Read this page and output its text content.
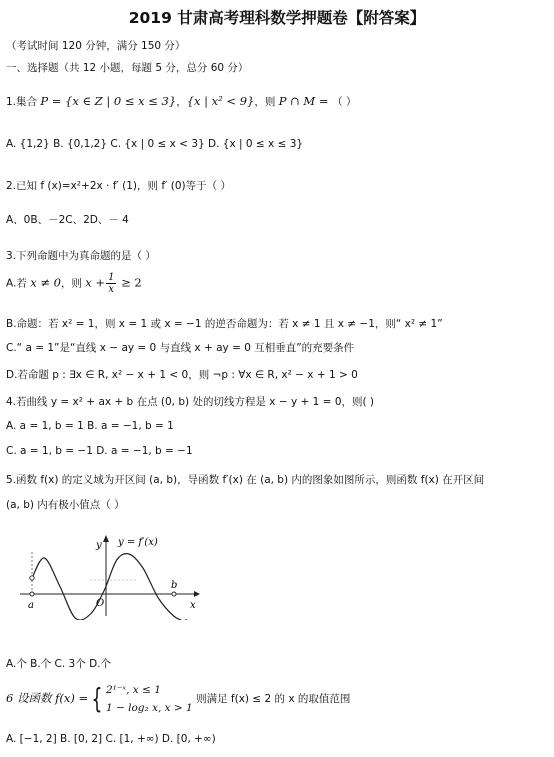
2019 甘肃高考理科数学押题卷【附答案】
（考试时间 120 分钟，满分 150 分）
一、选择题（共 12 小题，每题 5 分，总分 60 分）
1.集合 P = {x ∈ Z | 0 ≤ x ≤ 3}，{x | x² < 9}，则 P ∩ M = （ ）
A. {1,2} B. {0,1,2} C. {x | 0 ≤ x < 3} D. {x | 0 ≤ x ≤ 3}
2.已知 f (x)=x²+2x · f′ (1)，则 f′ (0)等于（ ）
A、0B、－2C、2D、－ 4
3.下列命题中为真命题的是（ ）
A.若 x ≠ 0，则 $x + \frac{1}{x} \ge 2$
B.命题：若 x² = 1，则 x = 1 或 x = −1 的逆否命题为：若 x ≠ 1 且 x ≠ −1，则“ x² ≠ 1”
C.“ a = 1”是“直线 x − ay = 0 与直线 x + ay = 0 互相垂直”的充要条件
D.若命题 p : ∃x ∈ R, x² − x + 1 < 0，则 ¬p : ∀x ∈ R, x² − x + 1 > 0
4.若曲线 y = x² + ax + b 在点 (0, b) 处的切线方程是 x − y + 1 = 0，则( )
A. a = 1, b = 1 B. a = −1, b = 1
C. a = 1, b = −1 D. a = −1, b = −1
5.函数 f(x) 的定义域为开区间 (a, b)，导函数 f′(x) 在 (a, b) 内的图象如图所示，则函数 f(x) 在开区间
(a, b) 内有极小值点（ ）
a
b
O
y
x
y = f′(x)
A.个 B.个 C. 3个 D.个
6 设函数 f(x) = { 2¹⁻ˣ, x ≤ 1
1 − log₂ x, x > 1
则满足 f(x) ≤ 2 的 x 的取值范围
A. [−1, 2] B. [0, 2] C. [1, +∞) D. [0, +∞)
